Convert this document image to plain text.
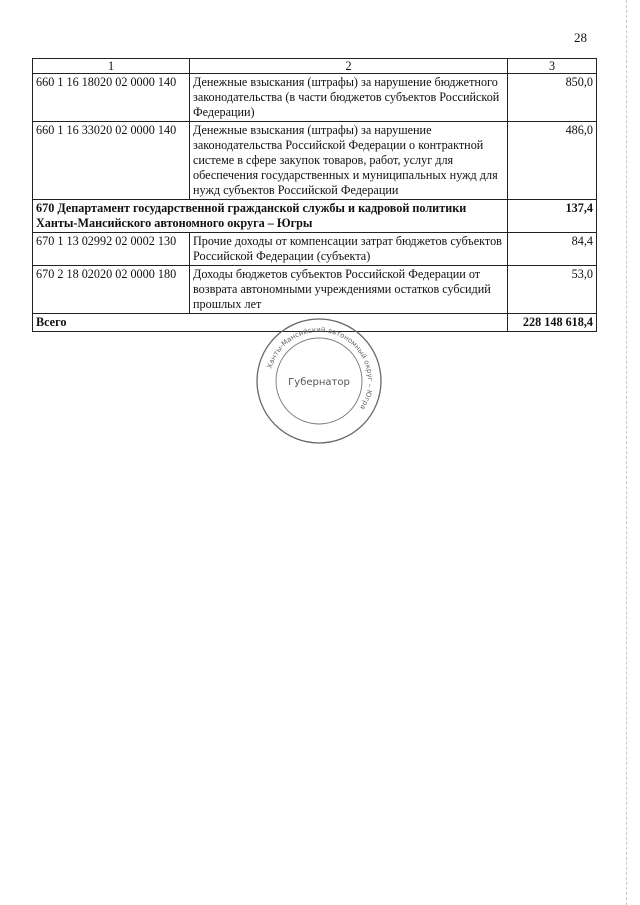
28
1	2	3
660 1 16 18020 02 0000 140	Денежные взыскания (штрафы) за нарушение бюджетного законодательства (в части бюджетов субъектов Российской Федерации)	850,0
660 1 16 33020 02 0000 140	Денежные взыскания (штрафы) за нарушение законодательства Российской Федерации о контрактной системе в сфере закупок товаров, работ, услуг для обеспечения государственных и муниципальных нужд для нужд субъектов Российской Федерации	486,0
670 Департамент государственной гражданской службы и кадровой политики Ханты-Мансийского автономного округа – Югры		137,4
670 1 13 02992 02 0002 130	Прочие доходы от компенсации затрат бюджетов субъектов Российской Федерации (субъекта)	84,4
670 2 18 02020 02 0000 180	Доходы бюджетов субъектов Российской Федерации от возврата автономными учреждениями остатков субсидий прошлых лет	53,0
Всего		228 148 618,4
Ханты-Мансийский автономный округ – Югра
Губернатор
